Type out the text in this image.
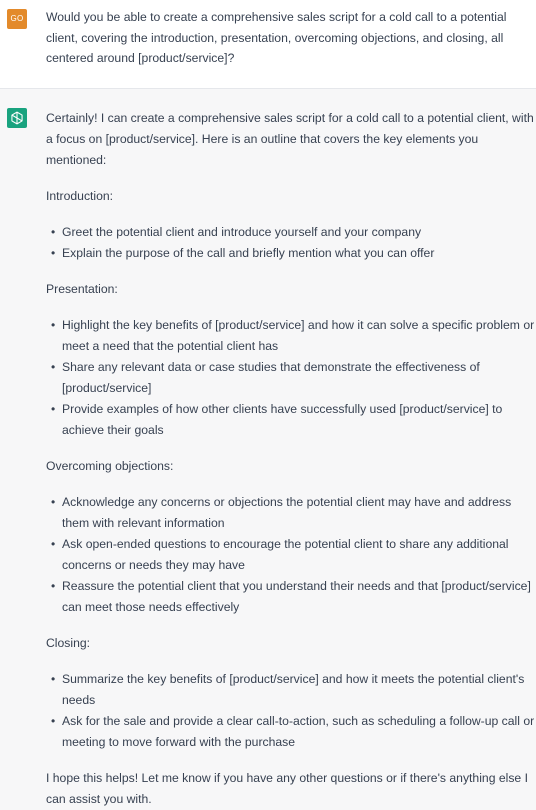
GO Would you be able to create a comprehensive sales script for a cold call to a potential client, covering the introduction, presentation, overcoming objections, and closing, all centered around [product/service]?

Certainly! I can create a comprehensive sales script for a cold call to a potential client, with a focus on [product/service]. Here is an outline that covers the key elements you mentioned:

Introduction:

• Greet the potential client and introduce yourself and your company
• Explain the purpose of the call and briefly mention what you can offer

Presentation:

• Highlight the key benefits of [product/service] and how it can solve a specific problem or meet a need that the potential client has
• Share any relevant data or case studies that demonstrate the effectiveness of [product/service]
• Provide examples of how other clients have successfully used [product/service] to achieve their goals

Overcoming objections:

• Acknowledge any concerns or objections the potential client may have and address them with relevant information
• Ask open-ended questions to encourage the potential client to share any additional concerns or needs they may have
• Reassure the potential client that you understand their needs and that [product/service] can meet those needs effectively

Closing:

• Summarize the key benefits of [product/service] and how it meets the potential client's needs
• Ask for the sale and provide a clear call-to-action, such as scheduling a follow-up call or meeting to move forward with the purchase

I hope this helps! Let me know if you have any other questions or if there's anything else I can assist you with.
